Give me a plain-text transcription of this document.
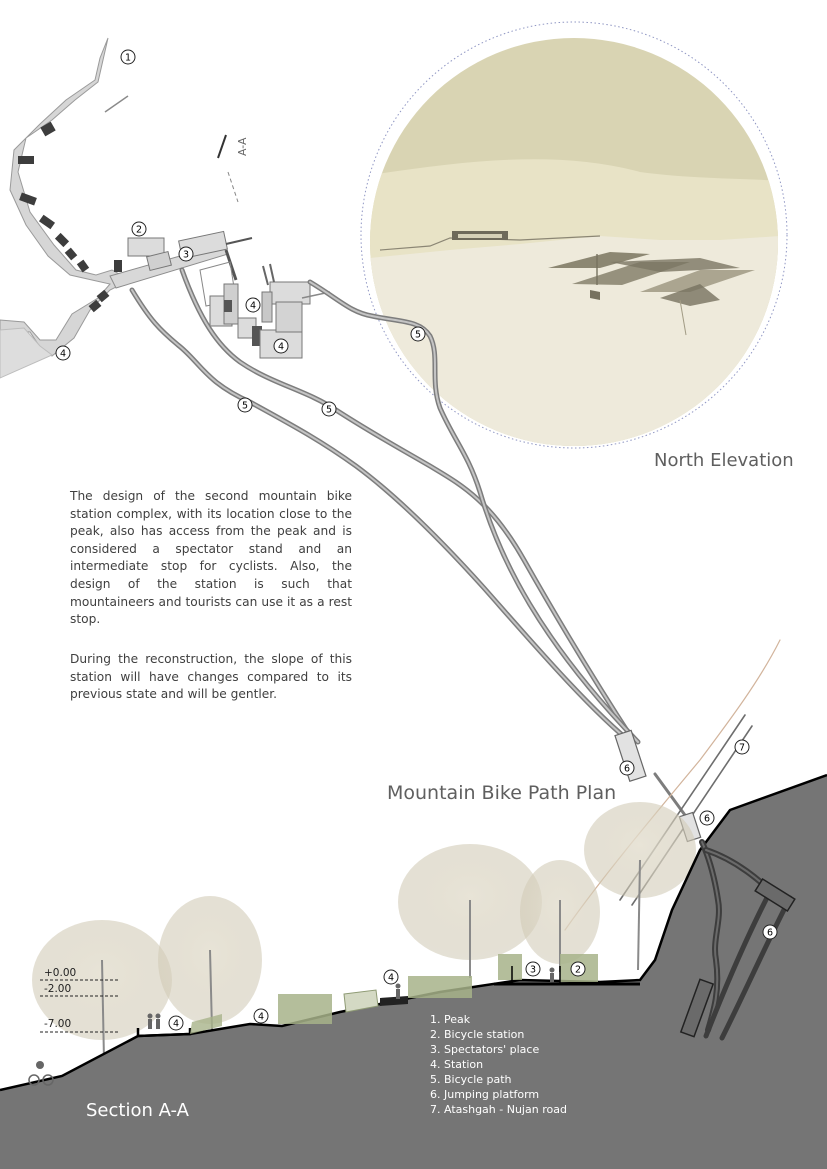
A-A
1
2
3
4
4
4
5
5	5
6
6
7
6
4
4
4
3	2

The design of the second mountain bike station complex, with its location close to the peak, also has access from the peak and is considered a spectator stand and an intermediate stop for cyclists. Also, the design of the station is such that mountaineers and tourists can use it as a rest stop.

During the reconstruction, the slope of this station will have changes compared to its previous state and will be gentler.

North Elevation
Mountain Bike Path Plan
Section A-A
+0.00
-2.00
-7.00	1. Peak
2. Bicycle station
3. Spectators' place
4. Station
5. Bicycle path
6. Jumping platform
7. Atashgah - Nujan road
